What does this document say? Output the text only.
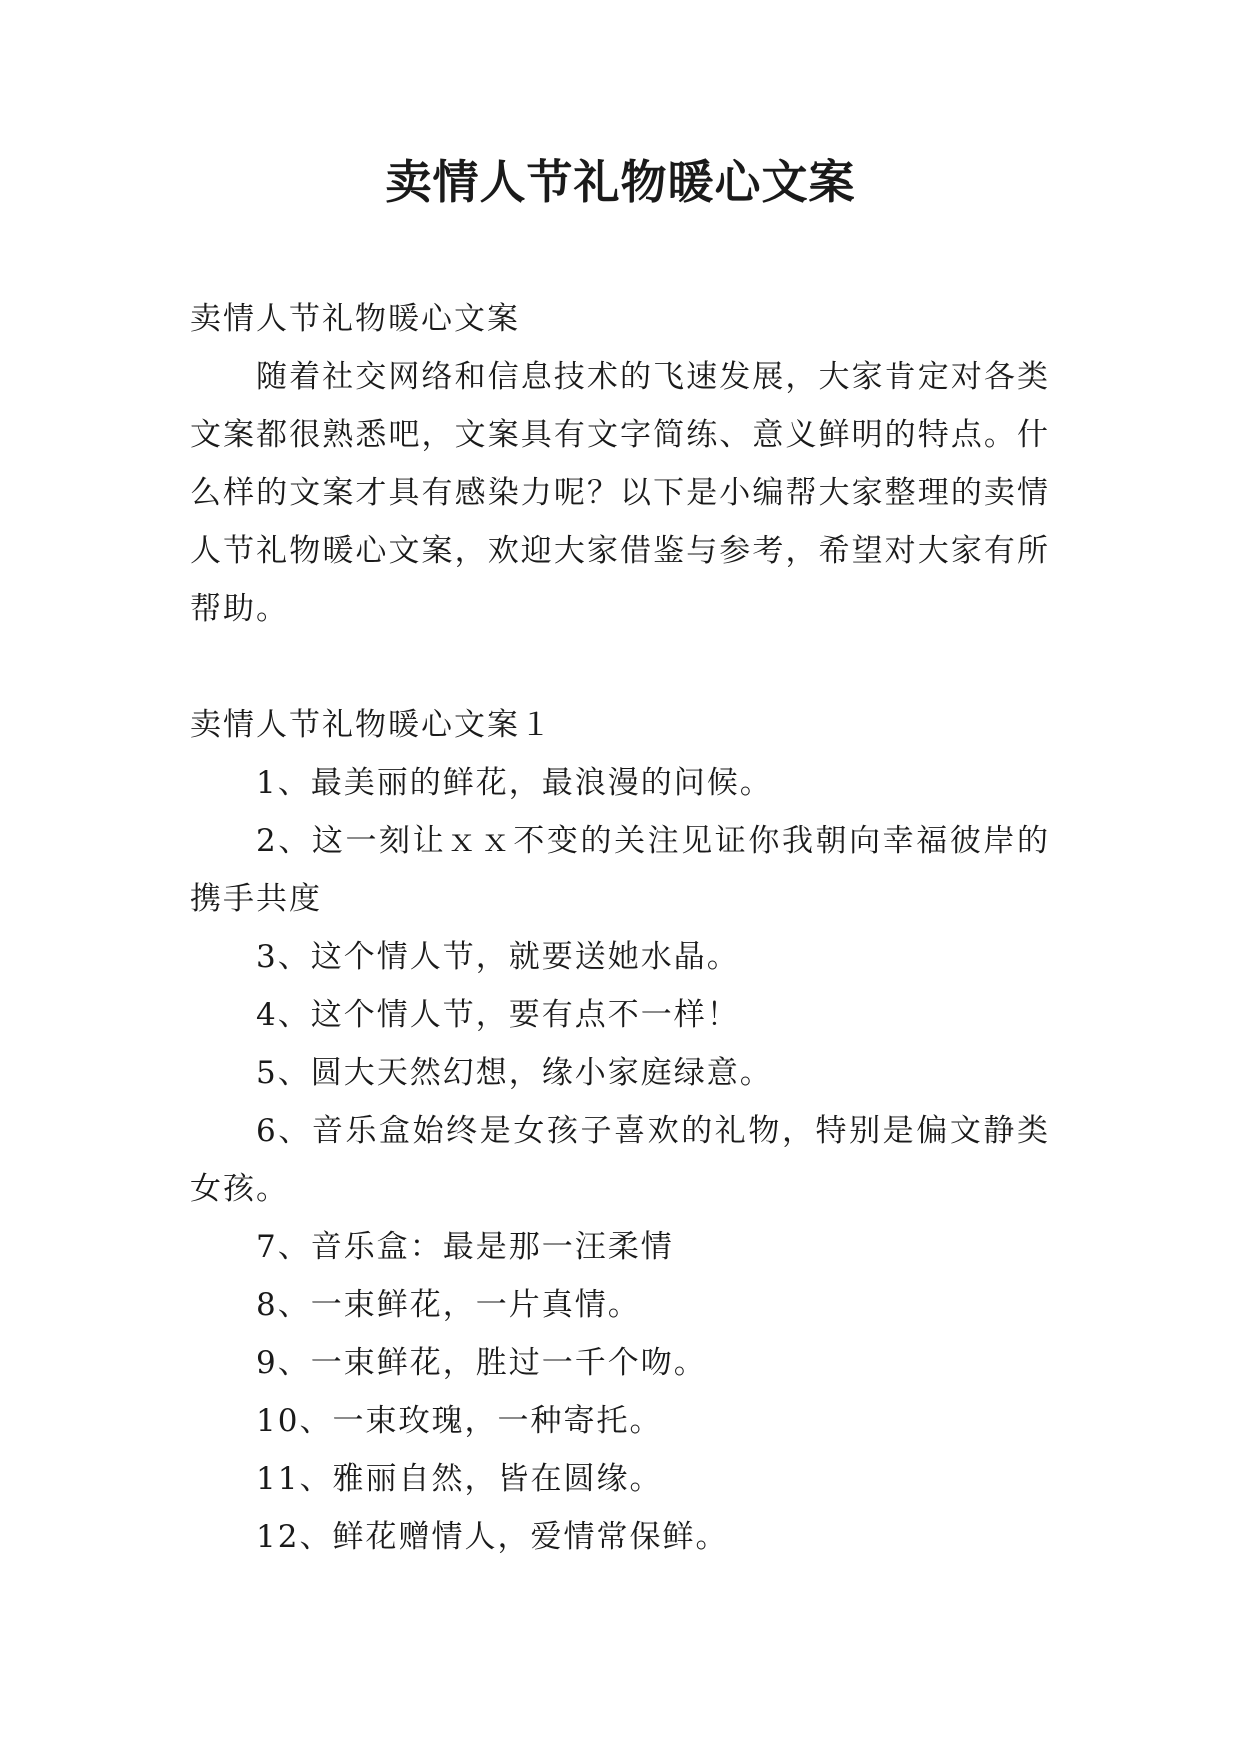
卖情人节礼物暖心文案

卖情人节礼物暖心文案

随着社交网络和信息技术的飞速发展，大家肯定对各类文案都很熟悉吧，文案具有文字简练、意义鲜明的特点。什么样的文案才具有感染力呢？以下是小编帮大家整理的卖情人节礼物暖心文案，欢迎大家借鉴与参考，希望对大家有所帮助。

卖情人节礼物暖心文案１

1、最美丽的鲜花，最浪漫的问候。

2、这一刻让ｘｘ不变的关注见证你我朝向幸福彼岸的携手共度

3、这个情人节，就要送她水晶。

4、这个情人节，要有点不一样！

5、圆大天然幻想，缘小家庭绿意。

6、音乐盒始终是女孩子喜欢的礼物，特别是偏文静类女孩。

7、音乐盒：最是那一汪柔情

8、一束鲜花，一片真情。

9、一束鲜花，胜过一千个吻。

10、一束玫瑰，一种寄托。

11、雅丽自然，皆在圆缘。

12、鲜花赠情人，爱情常保鲜。
